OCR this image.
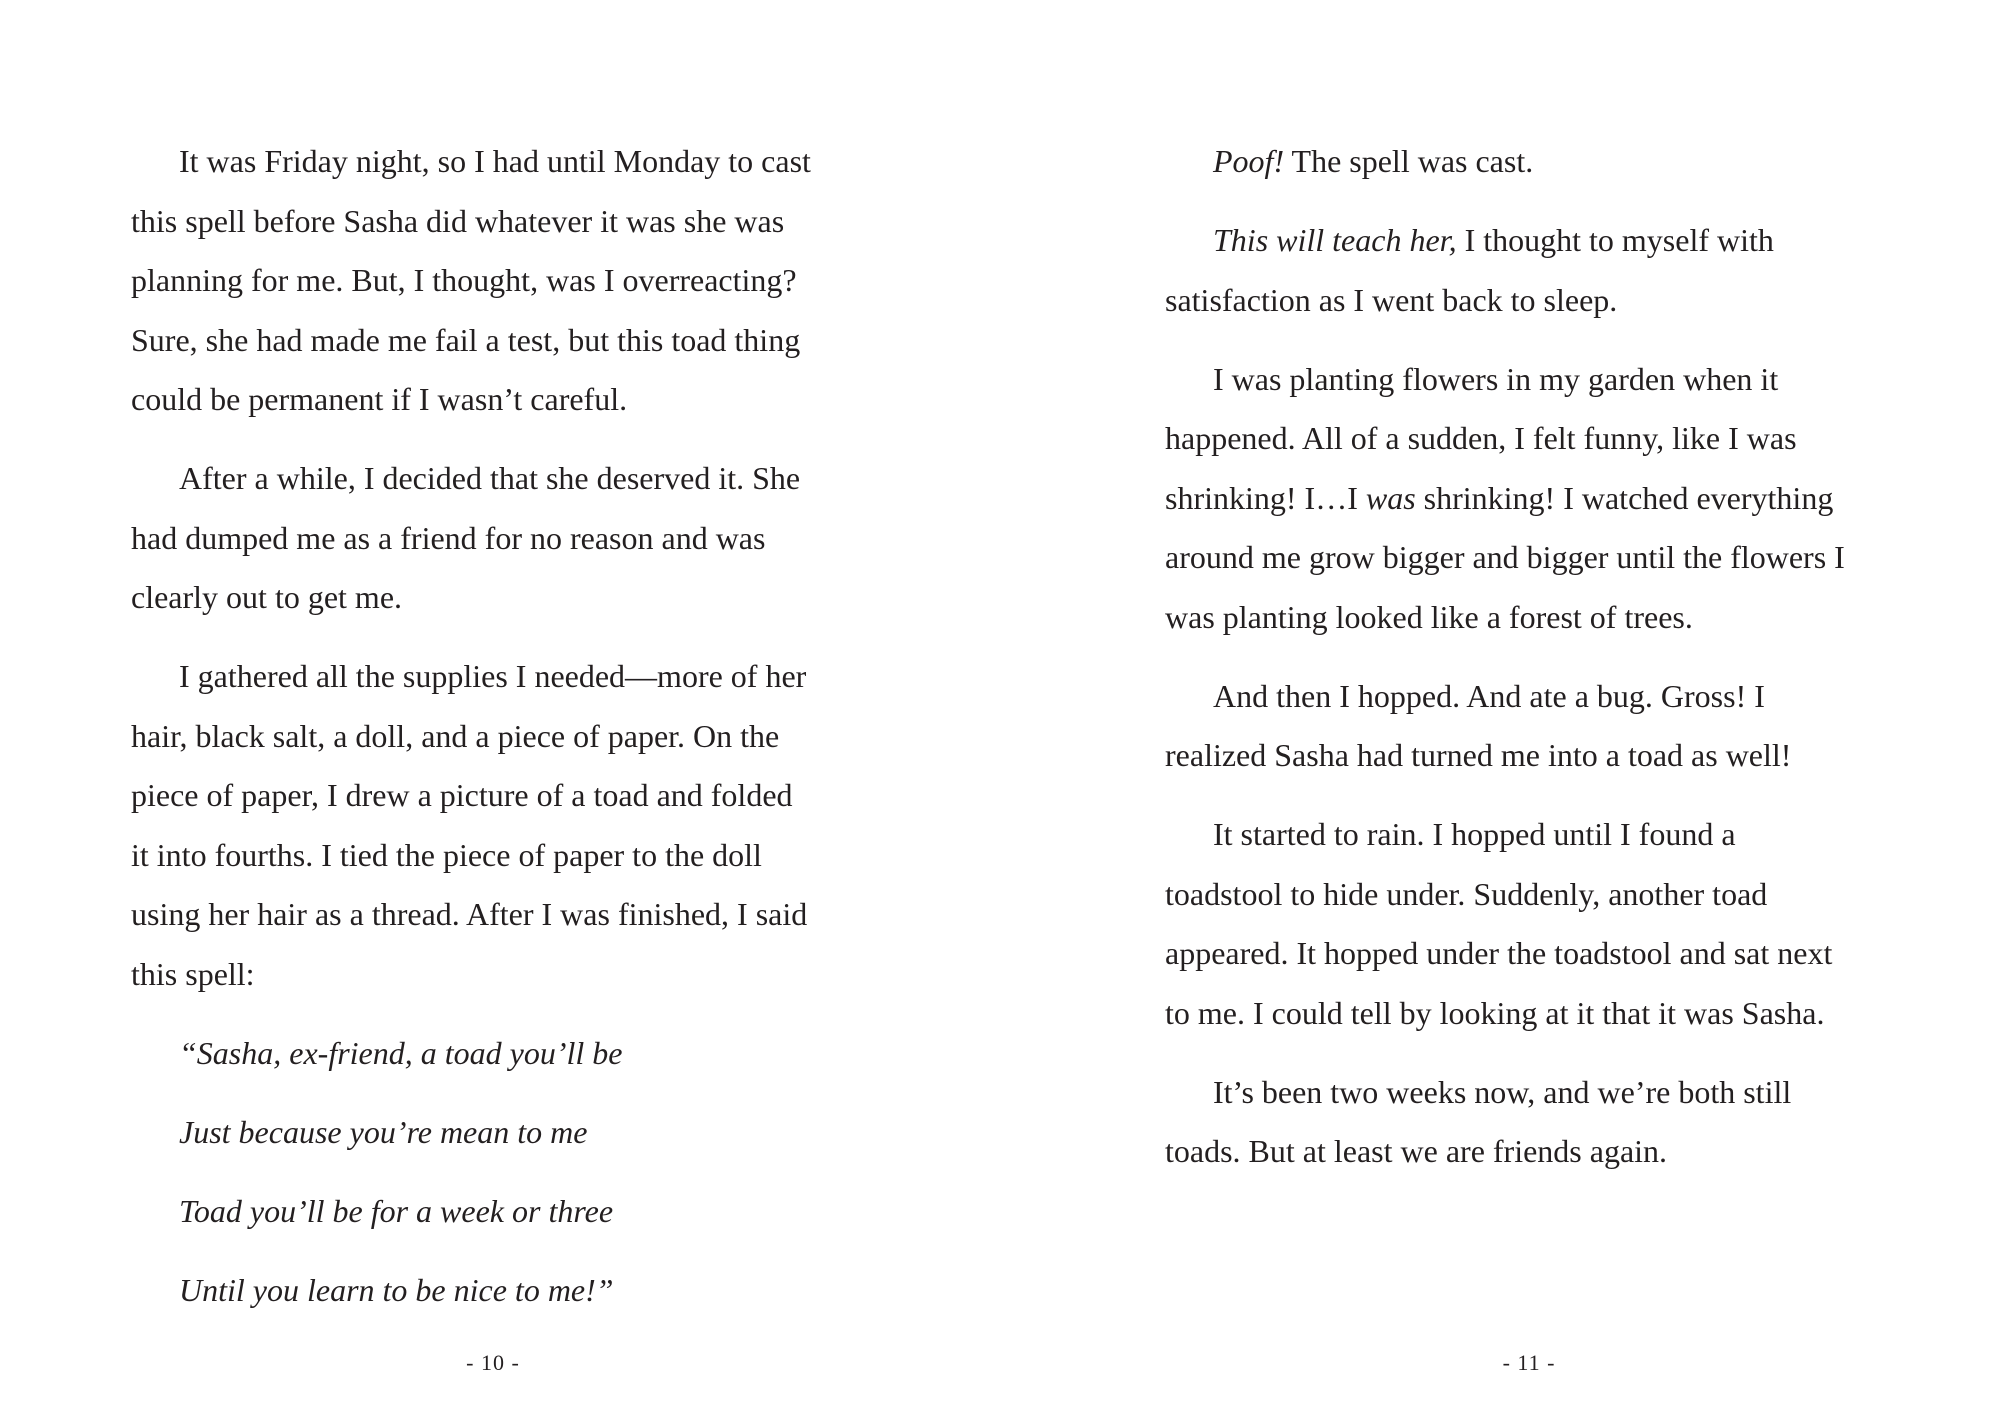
It was Friday night, so I had until Monday to cast
this spell before Sasha did whatever it was she was
planning for me. But, I thought, was I overreacting?
Sure, she had made me fail a test, but this toad thing
could be permanent if I wasn’t careful.

After a while, I decided that she deserved it. She
had dumped me as a friend for no reason and was
clearly out to get me.

I gathered all the supplies I needed—more of her
hair, black salt, a doll, and a piece of paper. On the
piece of paper, I drew a picture of a toad and folded
it into fourths. I tied the piece of paper to the doll
using her hair as a thread. After I was finished, I said
this spell:

“Sasha, ex-friend, a toad you’ll be

Just because you’re mean to me

Toad you’ll be for a week or three

Until you learn to be nice to me!”

- 10 -

Poof! The spell was cast.

This will teach her, I thought to myself with
satisfaction as I went back to sleep.

I was planting flowers in my garden when it
happened. All of a sudden, I felt funny, like I was
shrinking! I…I was shrinking! I watched everything
around me grow bigger and bigger until the flowers I
was planting looked like a forest of trees.

And then I hopped. And ate a bug. Gross! I
realized Sasha had turned me into a toad as well!

It started to rain. I hopped until I found a
toadstool to hide under. Suddenly, another toad
appeared. It hopped under the toadstool and sat next
to me. I could tell by looking at it that it was Sasha.

It’s been two weeks now, and we’re both still
toads. But at least we are friends again.

- 11 -
